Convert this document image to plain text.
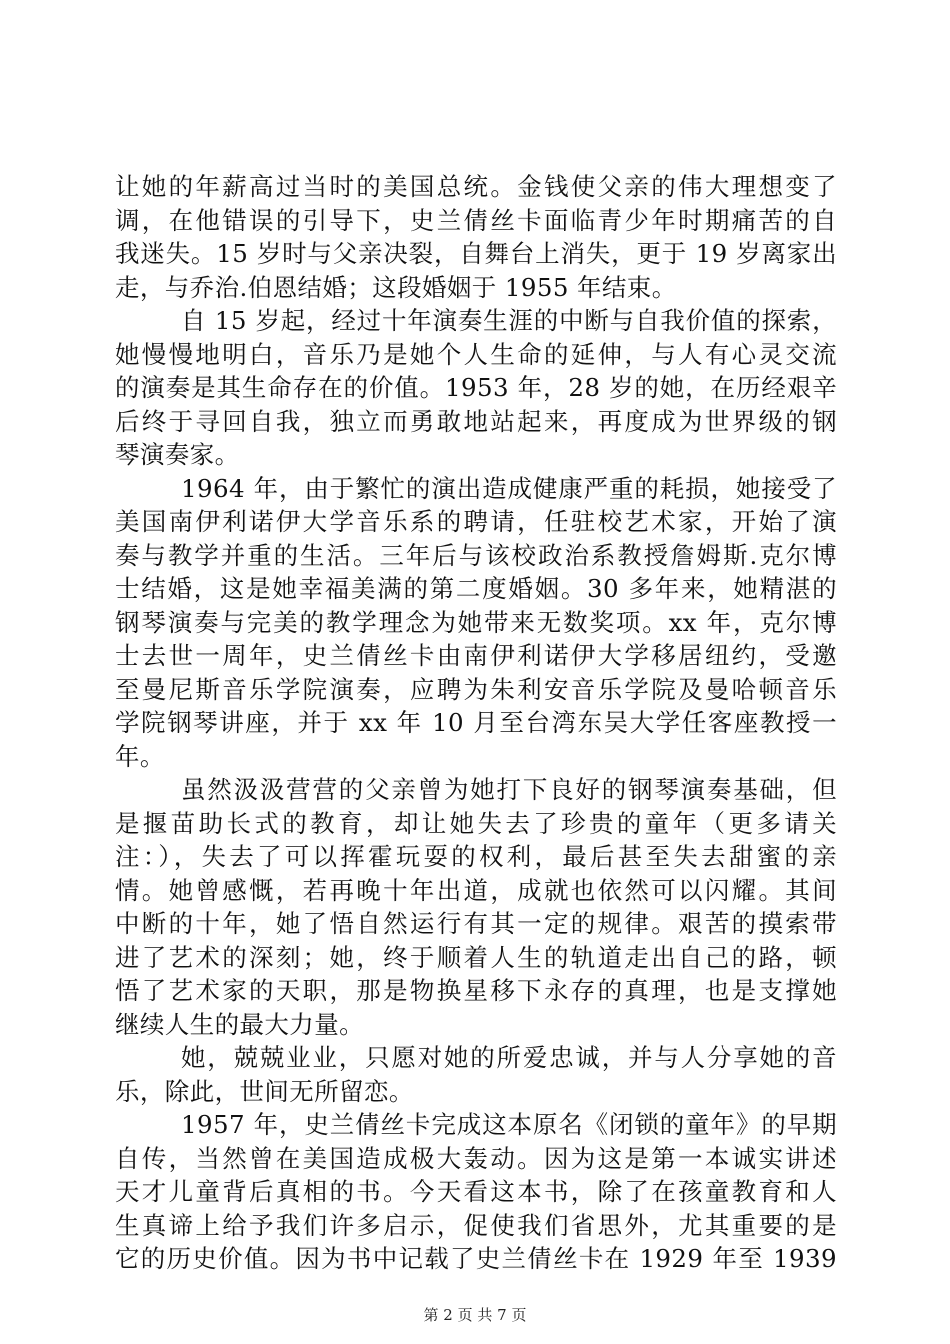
让她的年薪高过当时的美国总统。金钱使父亲的伟大理想变了
调，在他错误的引导下，史兰倩丝卡面临青少年时期痛苦的自
我迷失。15 岁时与父亲决裂，自舞台上消失，更于 19 岁离家出
走，与乔治.伯恩结婚；这段婚姻于 1955 年结束。
自 15 岁起，经过十年演奏生涯的中断与自我价值的探索，
她慢慢地明白，音乐乃是她个人生命的延伸，与人有心灵交流
的演奏是其生命存在的价值。1953 年，28 岁的她，在历经艰辛
后终于寻回自我，独立而勇敢地站起来，再度成为世界级的钢
琴演奏家。
1964 年，由于繁忙的演出造成健康严重的耗损，她接受了
美国南伊利诺伊大学音乐系的聘请，任驻校艺术家，开始了演
奏与教学并重的生活。三年后与该校政治系教授詹姆斯.克尔博
士结婚，这是她幸福美满的第二度婚姻。30 多年来，她精湛的
钢琴演奏与完美的教学理念为她带来无数奖项。xx 年，克尔博
士去世一周年，史兰倩丝卡由南伊利诺伊大学移居纽约，受邀
至曼尼斯音乐学院演奏，应聘为朱利安音乐学院及曼哈顿音乐
学院钢琴讲座，并于 xx 年 10 月至台湾东吴大学任客座教授一
年。
虽然汲汲营营的父亲曾为她打下良好的钢琴演奏基础，但
是揠苗助长式的教育，却让她失去了珍贵的童年（更多请关
注：），失去了可以挥霍玩耍的权利，最后甚至失去甜蜜的亲
情。她曾感慨，若再晚十年出道，成就也依然可以闪耀。其间
中断的十年，她了悟自然运行有其一定的规律。艰苦的摸索带
进了艺术的深刻；她，终于顺着人生的轨道走出自己的路，顿
悟了艺术家的天职，那是物换星移下永存的真理，也是支撑她
继续人生的最大力量。
她，兢兢业业，只愿对她的所爱忠诚，并与人分享她的音
乐，除此，世间无所留恋。
1957 年，史兰倩丝卡完成这本原名《闭锁的童年》的早期
自传，当然曾在美国造成极大轰动。因为这是第一本诚实讲述
天才儿童背后真相的书。今天看这本书，除了在孩童教育和人
生真谛上给予我们许多启示，促使我们省思外，尤其重要的是
它的历史价值。因为书中记载了史兰倩丝卡在 1929 年至 1939
第 2 页 共 7 页
